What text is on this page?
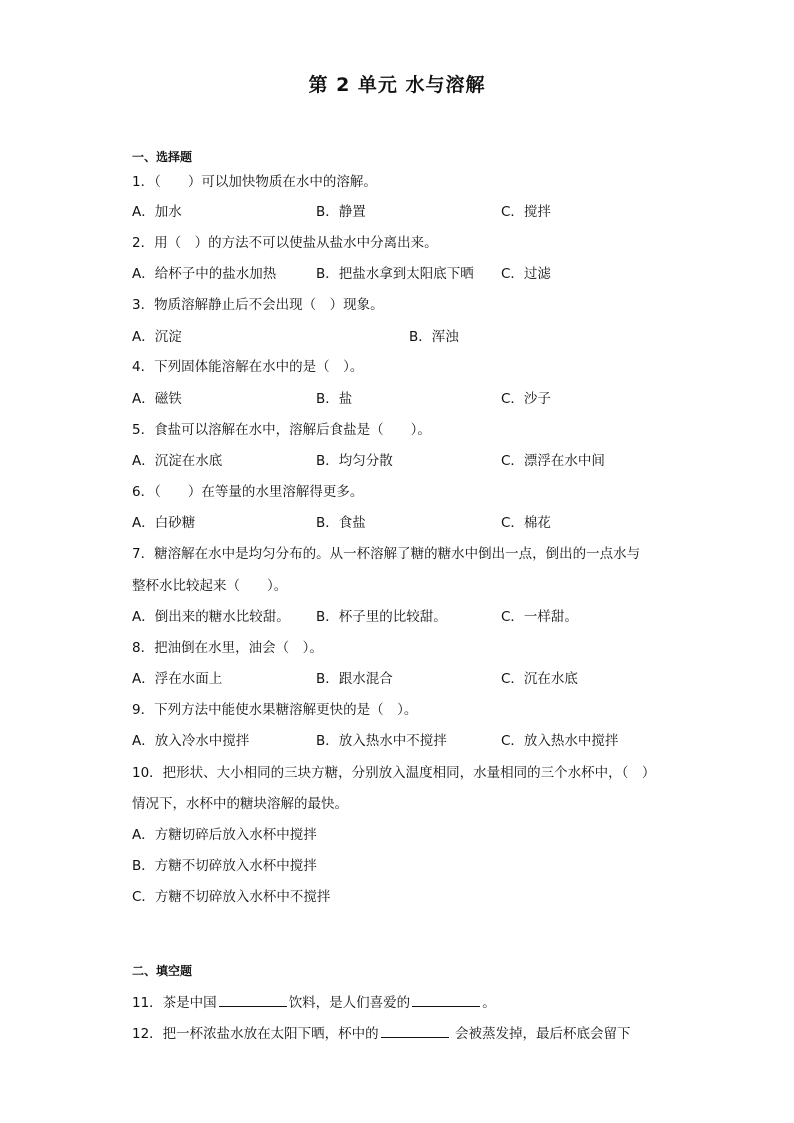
第 2 单元 水与溶解
一、选择题
1．（　　）可以加快物质在水中的溶解。
A．加水	B．静置	C．搅拌
2．用（　）的方法不可以使盐从盐水中分离出来。
A．给杯子中的盐水加热	B．把盐水拿到太阳底下晒 C．过滤
3．物质溶解静止后不会出现（　）现象。
A．沉淀	B．浑浊
4．下列固体能溶解在水中的是（　）。
A．磁铁	B．盐	C．沙子
5．食盐可以溶解在水中，溶解后食盐是（　　）。
A．沉淀在水底	B．均匀分散	C．漂浮在水中间
6．（　　）在等量的水里溶解得更多。
A．白砂糖	B．食盐	C．棉花
7．糖溶解在水中是均匀分布的。从一杯溶解了糖的糖水中倒出一点，倒出的一点水与
整杯水比较起来（　　）。
A．倒出来的糖水比较甜。 B．杯子里的比较甜。	C．一样甜。
8．把油倒在水里，油会（　）。
A．浮在水面上	B．跟水混合	C．沉在水底
9．下列方法中能使水果糖溶解更快的是（　）。
A．放入冷水中搅拌	B．放入热水中不搅拌	C．放入热水中搅拌
10．把形状、大小相同的三块方糖，分别放入温度相同，水量相同的三个水杯中，（　）
情况下，水杯中的糖块溶解的最快。
A．方糖切碎后放入水杯中搅拌
B．方糖不切碎放入水杯中搅拌
C．方糖不切碎放入水杯中不搅拌
二、填空题
11．茶是中国	饮料，是人们喜爱的	。
12．把一杯浓盐水放在太阳下晒，杯中的	会被蒸发掉，最后杯底会留下
